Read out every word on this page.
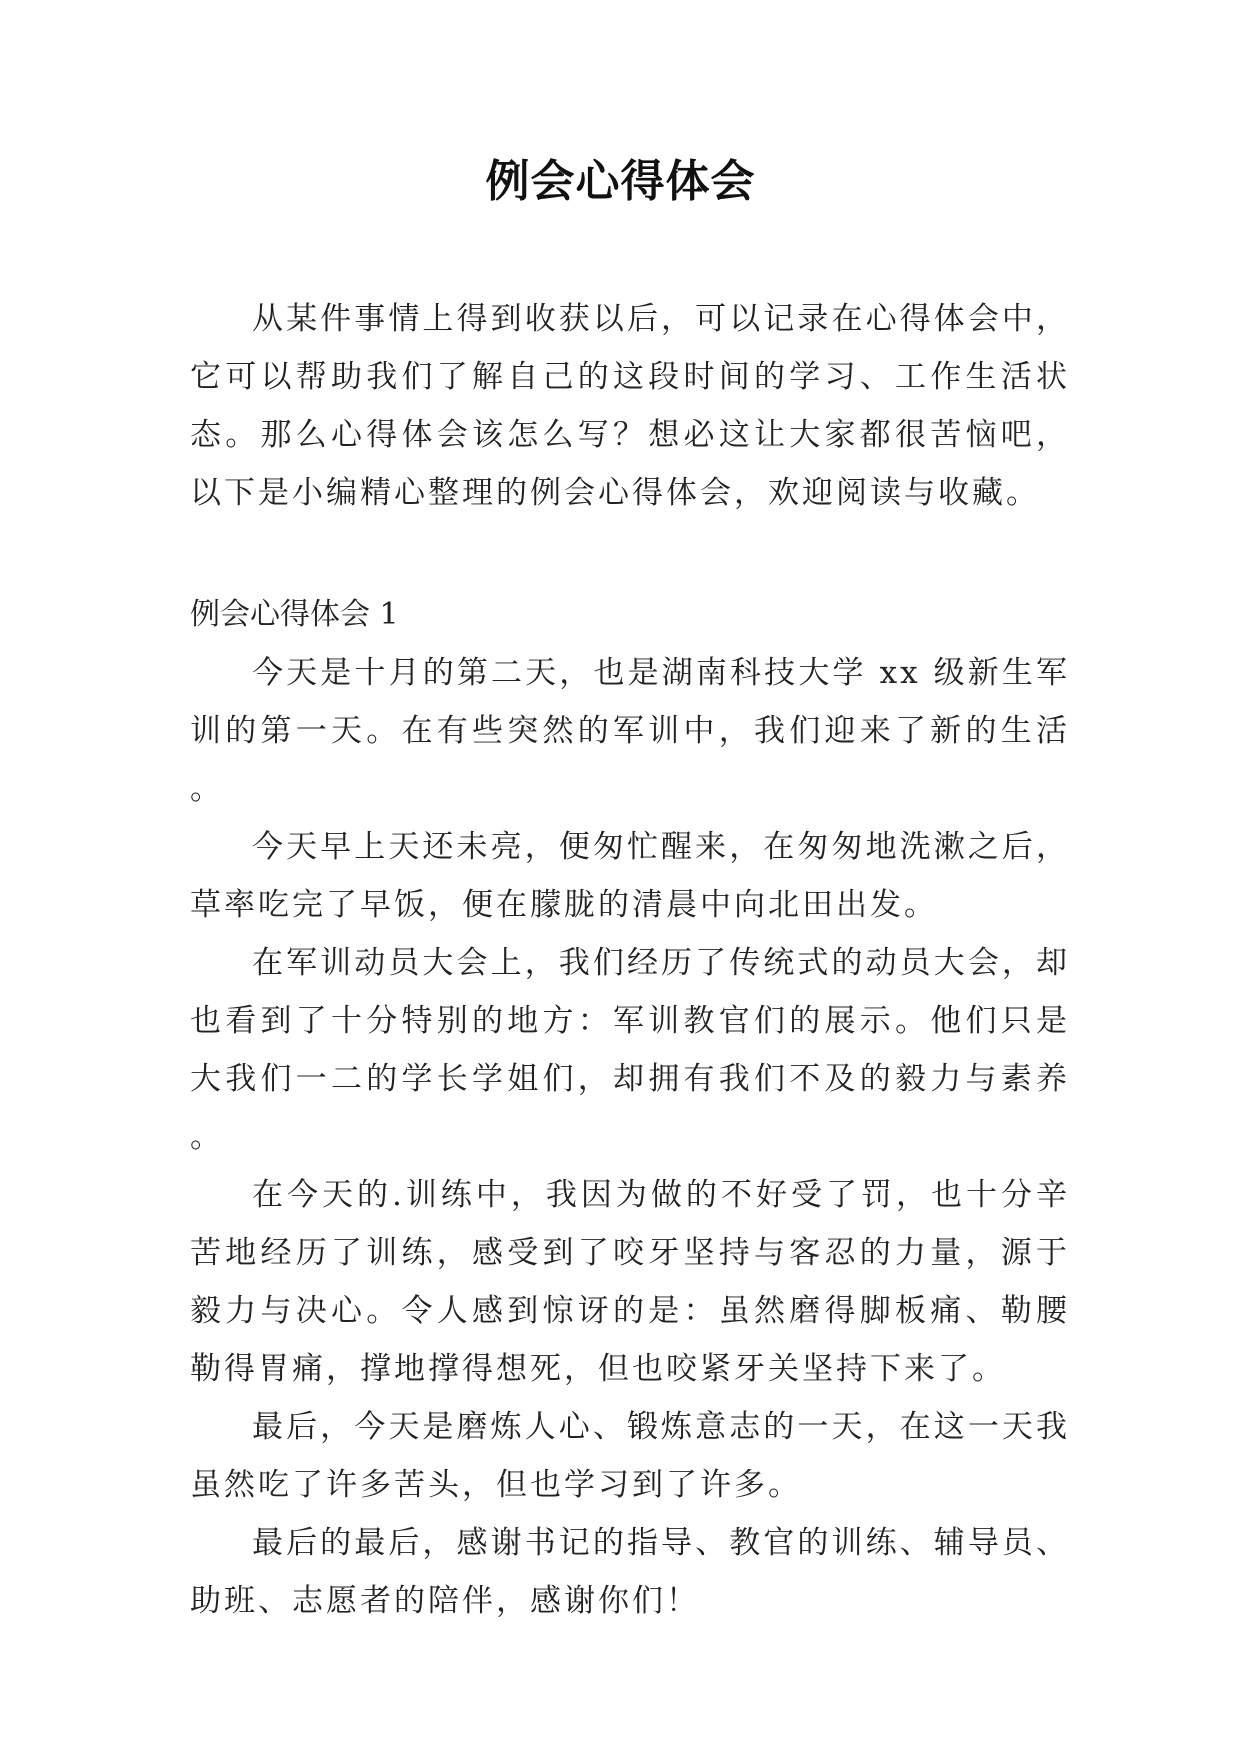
例会心得体会

从某件事情上得到收获以后，可以记录在心得体会中，它可以帮助我们了解自己的这段时间的学习、工作生活状态。那么心得体会该怎么写？想必这让大家都很苦恼吧，以下是小编精心整理的例会心得体会，欢迎阅读与收藏。

例会心得体会 1

今天是十月的第二天，也是湖南科技大学 xx 级新生军训的第一天。在有些突然的军训中，我们迎来了新的生活。

今天早上天还未亮，便匆忙醒来，在匆匆地洗漱之后，草率吃完了早饭，便在朦胧的清晨中向北田出发。

在军训动员大会上，我们经历了传统式的动员大会，却也看到了十分特别的地方：军训教官们的展示。他们只是大我们一二的学长学姐们，却拥有我们不及的毅力与素养。

在今天的.训练中，我因为做的不好受了罚，也十分辛苦地经历了训练，感受到了咬牙坚持与客忍的力量，源于毅力与决心。令人感到惊讶的是：虽然磨得脚板痛、勒腰勒得胃痛，撑地撑得想死，但也咬紧牙关坚持下来了。

最后，今天是磨炼人心、锻炼意志的一天，在这一天我虽然吃了许多苦头，但也学习到了许多。

最后的最后，感谢书记的指导、教官的训练、辅导员、助班、志愿者的陪伴，感谢你们！
